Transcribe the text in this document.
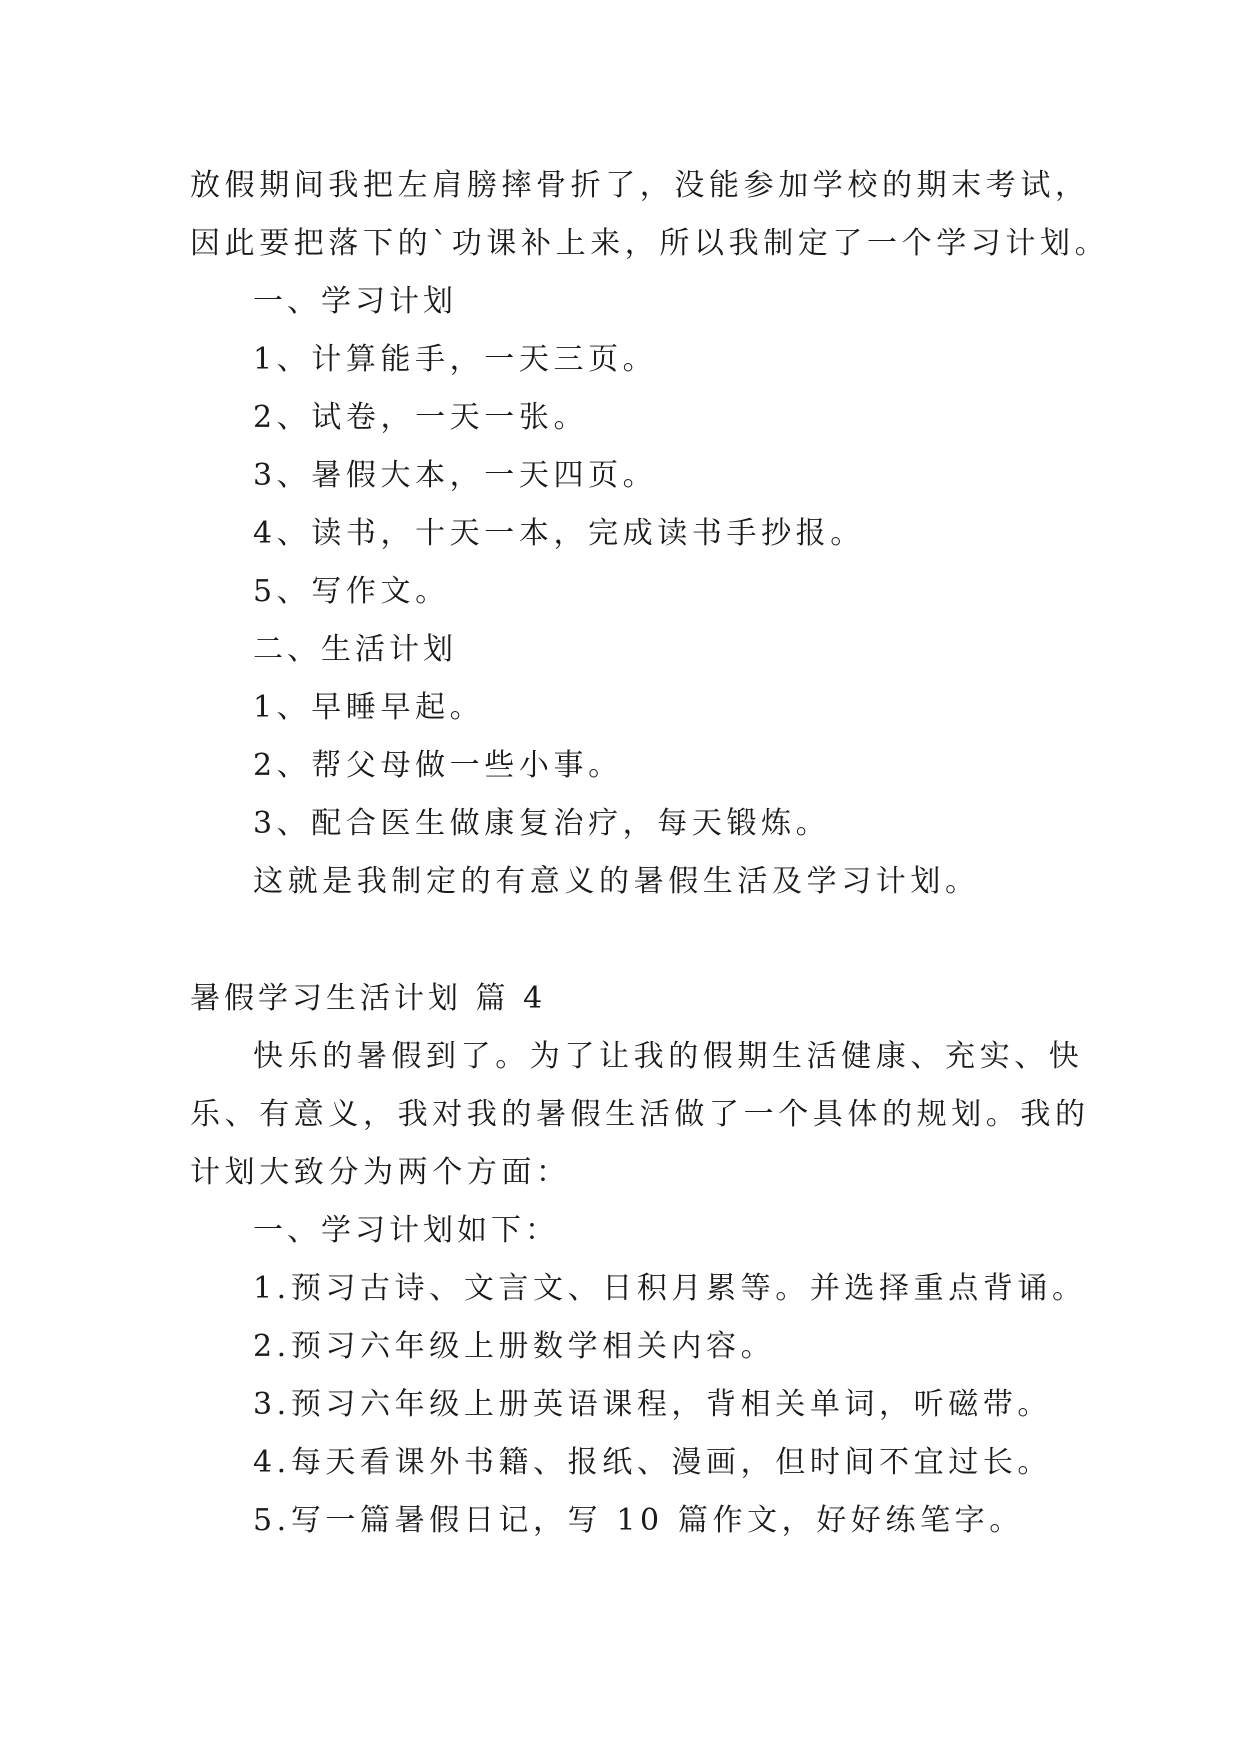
放假期间我把左肩膀摔骨折了，没能参加学校的期末考试，
因此要把落下的`功课补上来，所以我制定了一个学习计划。
一、学习计划
1、计算能手，一天三页。
2、试卷，一天一张。
3、暑假大本，一天四页。
4、读书，十天一本，完成读书手抄报。
5、写作文。
二、生活计划
1、早睡早起。
2、帮父母做一些小事。
3、配合医生做康复治疗，每天锻炼。
这就是我制定的有意义的暑假生活及学习计划。
暑假学习生活计划 篇 4
快乐的暑假到了。为了让我的假期生活健康、充实、快
乐、有意义，我对我的暑假生活做了一个具体的规划。我的
计划大致分为两个方面：
一、学习计划如下：
1.预习古诗、文言文、日积月累等。并选择重点背诵。
2.预习六年级上册数学相关内容。
3.预习六年级上册英语课程，背相关单词，听磁带。
4.每天看课外书籍、报纸、漫画，但时间不宜过长。
5.写一篇暑假日记，写 10 篇作文，好好练笔字。
